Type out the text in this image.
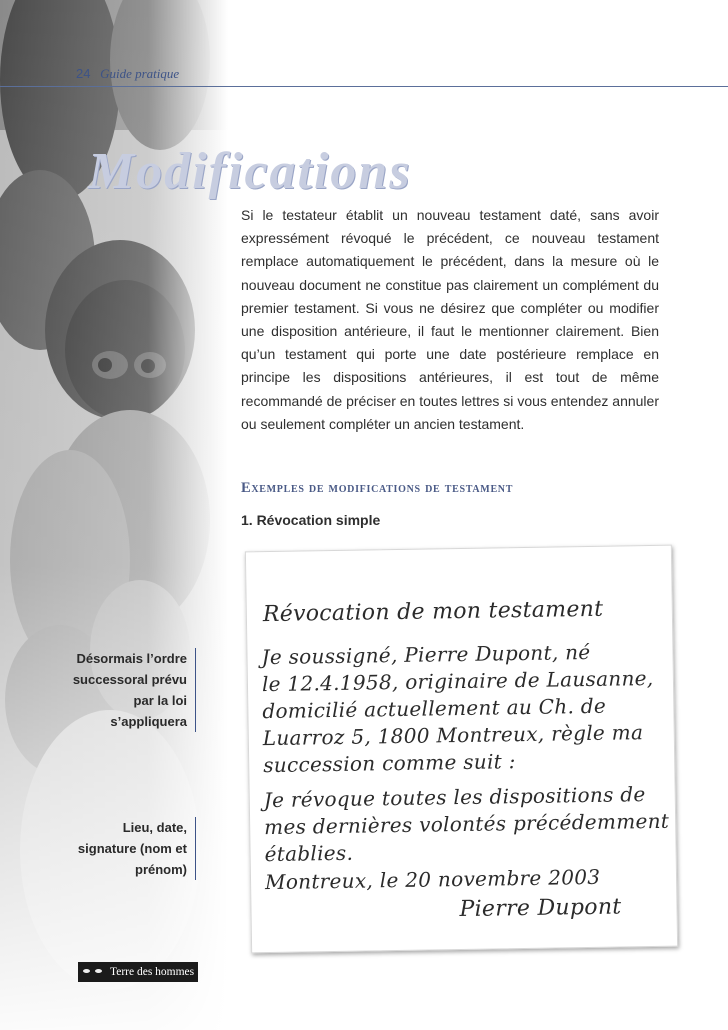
24 Guide pratique
Modifications

Si le testateur établit un nouveau testament daté, sans avoir expressément révoqué le précédent, ce nouveau testament remplace automatiquement le précédent, dans la mesure où le nouveau document ne constitue pas clairement un complément du premier testament. Si vous ne désirez que compléter ou modifier une disposition antérieure, il faut le mentionner clairement. Bien qu’un testament qui porte une date postérieure remplace en principe les dispositions antérieures, il est tout de même recommandé de préciser en toutes lettres si vous entendez annuler ou seulement compléter un ancien testament.

Exemples de modifications de testament
1. Révocation simple
Désormais l’ordre successoral prévu par la loi s’appliquera
Lieu, date, signature (nom et prénom)
Révocation de mon testament
Je soussigné, Pierre Dupont, né
le 12.4.1958, originaire de Lausanne,
domicilié actuellement au Ch. de
Luarroz 5, 1800 Montreux, règle ma
succession comme suit :
Je révoque toutes les dispositions de
mes dernières volontés précédemment
établies.
Montreux, le 20 novembre 2003
Pierre Dupont
Terre des hommes
